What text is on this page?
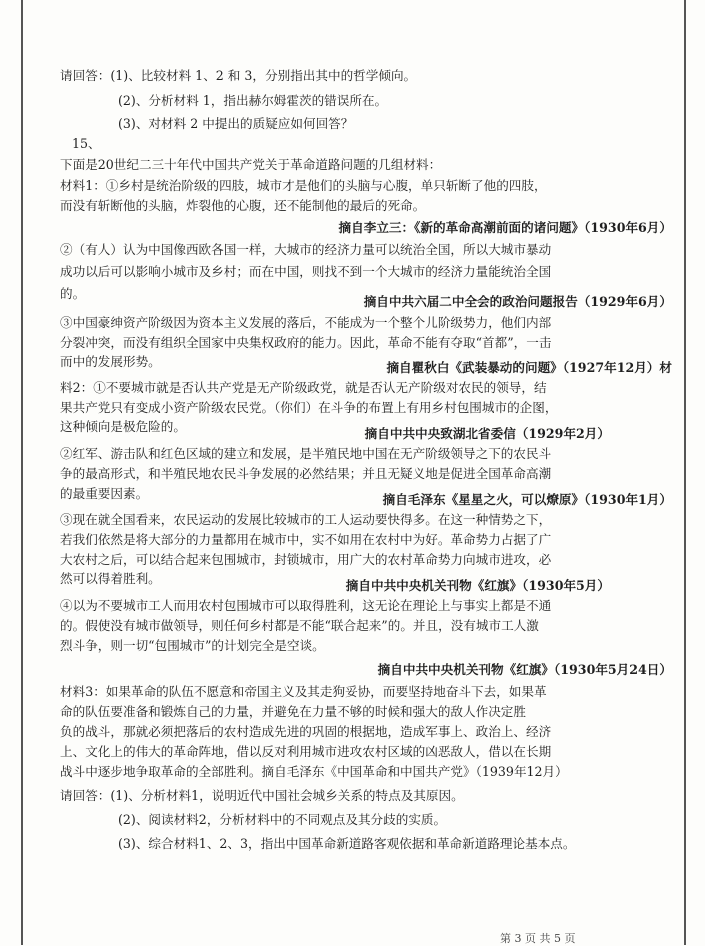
请回答：(1)、比较材料 1、2 和 3，分别指出其中的哲学倾向。
(2)、分析材料 1，指出赫尔姆霍茨的错误所在。
(3)、对材料 2 中提出的质疑应如何回答？
15、
下面是20世纪二三十年代中国共产党关于革命道路问题的几组材料：
材料1：①乡村是统治阶级的四肢，城市才是他们的头脑与心腹，单只斩断了他的四肢，
而没有斩断他的头脑，炸裂他的心腹，还不能制他的最后的死命。
摘自李立三：《新的革命高潮前面的诸问题》（1930年6月）
②（有人）认为中国像西欧各国一样，大城市的经济力量可以统治全国，所以大城市暴动
成功以后可以影响小城市及乡村；而在中国，则找不到一个大城市的经济力量能统治全国
的。
摘自中共六届二中全会的政治问题报告（1929年6月）
③中国豪绅资产阶级因为资本主义发展的落后，不能成为一个整个儿阶级势力，他们内部
分裂冲突，而没有组织全国家中央集权政府的能力。因此，革命不能有夺取“首都”，一击
而中的发展形势。	摘自瞿秋白《武装暴动的问题》（1927年12月）材
料2：①不要城市就是否认共产党是无产阶级政党，就是否认无产阶级对农民的领导，结
果共产党只有变成小资产阶级农民党。（你们）在斗争的布置上有用乡村包围城市的企图，
这种倾向是极危险的。	摘自中共中央致湖北省委信（1929年2月）
②红军、游击队和红色区域的建立和发展，是半殖民地中国在无产阶级领导之下的农民斗
争的最高形式，和半殖民地农民斗争发展的必然结果；并且无疑义地是促进全国革命高潮
的最重要因素。	摘自毛泽东《星星之火，可以燎原》（1930年1月）
③现在就全国看来，农民运动的发展比较城市的工人运动要快得多。在这一种情势之下，
若我们依然是将大部分的力量都用在城市中，实不如用在农村中为好。革命势力占据了广
大农村之后，可以结合起来包围城市，封锁城市，用广大的农村革命势力向城市进攻，必
然可以得着胜利。	摘自中共中央机关刊物《红旗》（1930年5月）
④以为不要城市工人而用农村包围城市可以取得胜利，这无论在理论上与事实上都是不通
的。假使没有城市做领导，则任何乡村都是不能“联合起来”的。并且，没有城市工人激
烈斗争，则一切“包围城市”的计划完全是空谈。
摘自中共中央机关刊物《红旗》（1930年5月24日）
材料3：如果革命的队伍不愿意和帝国主义及其走狗妥协，而要坚持地奋斗下去，如果革
命的队伍要准备和锻炼自己的力量，并避免在力量不够的时候和强大的敌人作决定胜
负的战斗，那就必须把落后的农村造成先进的巩固的根据地，造成军事上、政治上、经济
上、文化上的伟大的革命阵地，借以反对利用城市进攻农村区域的凶恶敌人，借以在长期
战斗中逐步地争取革命的全部胜利。摘自毛泽东《中国革命和中国共产党》（1939年12月）
请回答：(1)、分析材料1，说明近代中国社会城乡关系的特点及其原因。
(2)、阅读材料2，分析材料中的不同观点及其分歧的实质。
(3)、综合材料1、2、3，指出中国革命新道路客观依据和革命新道路理论基本点。
第 3 页 共 5 页
